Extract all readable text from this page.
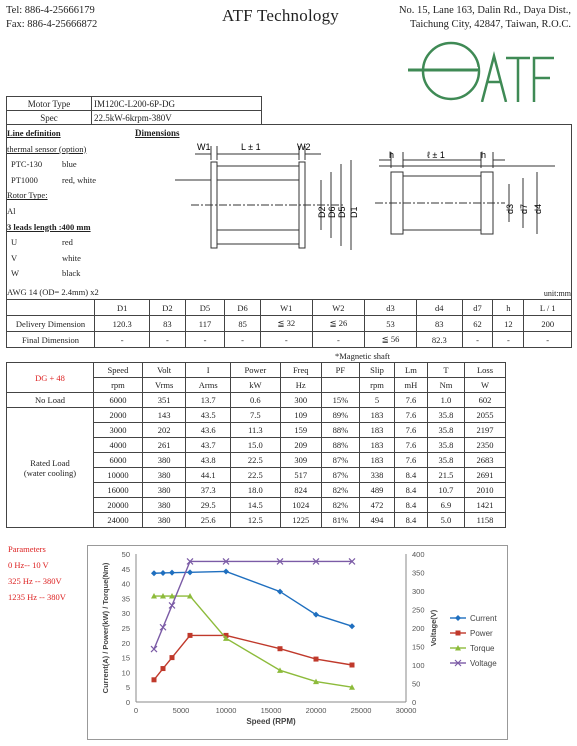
Tel: 886-4-25666179
Fax: 886-4-25666872	ATF Technology	No. 15, Lane 163, Dalin Rd., Daya Dist.,
Taichung City, 42847, Taiwan, R.O.C.
Motor Type	IM120C-L200-6P-DG
Spec	22.5kW-6krpm-380V
Line definition
thermal sensor (option)
PTC-130	blue
PT1000	red, white
Rotor Type:
Al
3 leads length :400 mm
U	red
V	white
W	black
Dimensions
AWG 14 (OD= 2.4mm) x2	unit:mm
W1	L ± 1	W2
D2 D6 D5 D1
h	ℓ ± 1	h
d3 d7 d4
	D1	D2	D5	D6	W1	W2	d3	d4	d7	h	L / 1
Delivery Dimension	120.3	83	117	85	≦ 32	≦ 26	53	83	62	12	200
Final Dimension	-	-	-	-	-	-	≦ 56	82.3	-	-	-
*Magnetic shaft
DG + 48	Speed	Volt	I	Power	Freq	PF	Slip	Lm	T	Loss
	rpm	Vrms	Arms	kW	Hz		rpm	mH	Nm	W
No Load	6000	351	13.7	0.6	300	15%	5	7.6	1.0	602

Rated Load
(water cooling)	2000	143	43.5	7.5	109	89%	183	7.6	35.8	2055
	3000	202	43.6	11.3	159	88%	183	7.6	35.8	2197
	4000	261	43.7	15.0	209	88%	183	7.6	35.8	2350
	6000	380	43.8	22.5	309	87%	183	7.6	35.8	2683
	10000	380	44.1	22.5	517	87%	338	8.4	21.5	2691
	16000	380	37.3	18.0	824	82%	489	8.4	10.7	2010
	20000	380	29.5	14.5	1024	82%	472	8.4	6.9	1421
	24000	380	25.6	12.5	1225	81%	494	8.4	5.0	1158
Parameters
0 Hz-- 10 V
325 Hz -- 380V
1235 Hz -- 380V
0
5
10
15
20
25
30
35
40
45
50
0
50
100
150
200
250
300
350
400
0	5000	10000	15000	20000	25000	30000
Speed (RPM)
Current(A) / Power(kW) / Torque(Nm)	Voltage(V)	Current
Power
Torque
Voltage
